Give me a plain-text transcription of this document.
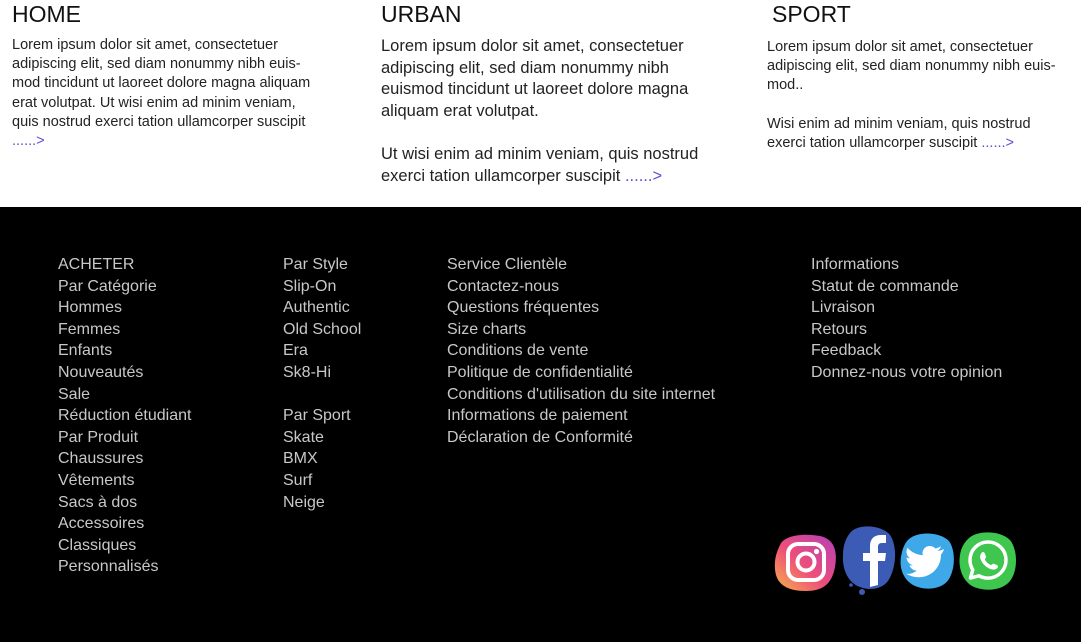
HOME

Lorem ipsum dolor sit amet, consectetuer adipiscing elit, sed diam nonummy nibh euis-mod tincidunt ut laoreet dolore magna aliquam erat volutpat. Ut wisi enim ad minim veniam, quis nostrud exerci tation ullamcorper suscipit ......>

URBAN

Lorem ipsum dolor sit amet, consectetuer adipiscing elit, sed diam nonummy nibh euismod tincidunt ut laoreet dolore magna aliquam erat volutpat.

Ut wisi enim ad minim veniam, quis nostrud exerci tation ullamcorper suscipit ......>

SPORT

Lorem ipsum dolor sit amet, consectetuer adipiscing elit, sed diam nonummy nibh euis-mod..

Wisi enim ad minim veniam, quis nostrud exerci tation ullamcorper suscipit ......>

ACHETER
Par Catégorie
Hommes
Femmes
Enfants
Nouveautés
Sale
Réduction étudiant
Par Produit
Chaussures
Vêtements
Sacs à dos
Accessoires
Classiques
Personnalisés
Par Style
Slip-On
Authentic
Old School
Era
Sk8-Hi
Par Sport
Skate
BMX
Surf
Neige
Service Clientèle
Contactez-nous
Questions fréquentes
Size charts
Conditions de vente
Politique de confidentialité
Conditions d'utilisation du site internet
Informations de paiement
Déclaration de Conformité
Informations
Statut de commande
Livraison
Retours
Feedback
Donnez-nous votre opinion
